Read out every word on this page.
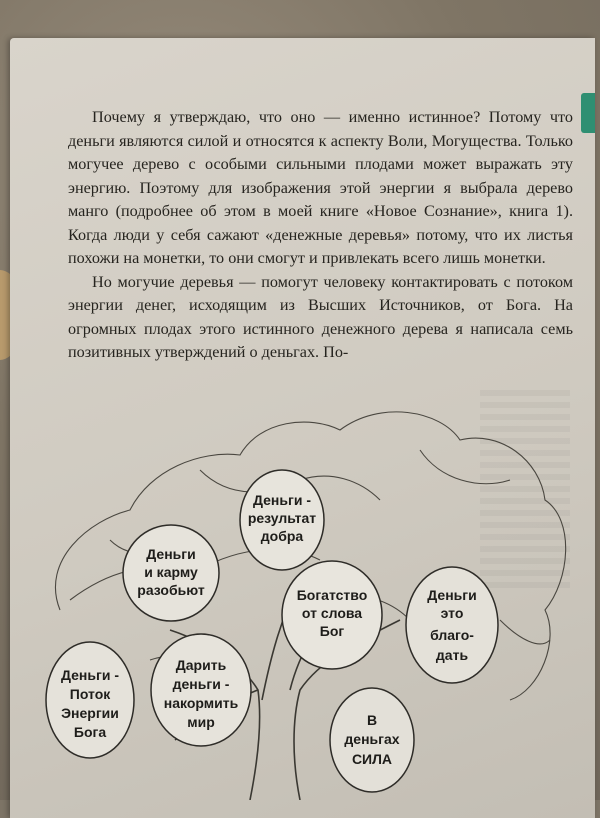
Почему я утверждаю, что оно — именно истинное? Потому что деньги являются силой и относятся к аспекту Воли, Могущества. Только могучее дерево с особыми сильными плодами может выражать эту энергию. Поэтому для изображения этой энергии я выбрала дерево манго (подробнее об этом в моей книге «Новое Сознание», книга 1). Когда люди у себя сажают «денежные деревья» потому, что их листья похожи на монетки, то они смогут и привлекать всего лишь монетки.

Но могучие деревья — помогут человеку контактировать с потоком энергии денег, исходящим из Высших Источников, от Бога. На огромных плодах этого истинного денежного дерева я написала семь позитивных утверждений о деньгах. По-

Деньги -
результат
добра
Деньги
и карму
разобьют	Богатство
от слова
Бог
Деньги
это
благо-
дать
Деньги -
Поток
Энергии
Бога
Дарить
деньги -
накормить
мир	В
деньгах
СИЛА
